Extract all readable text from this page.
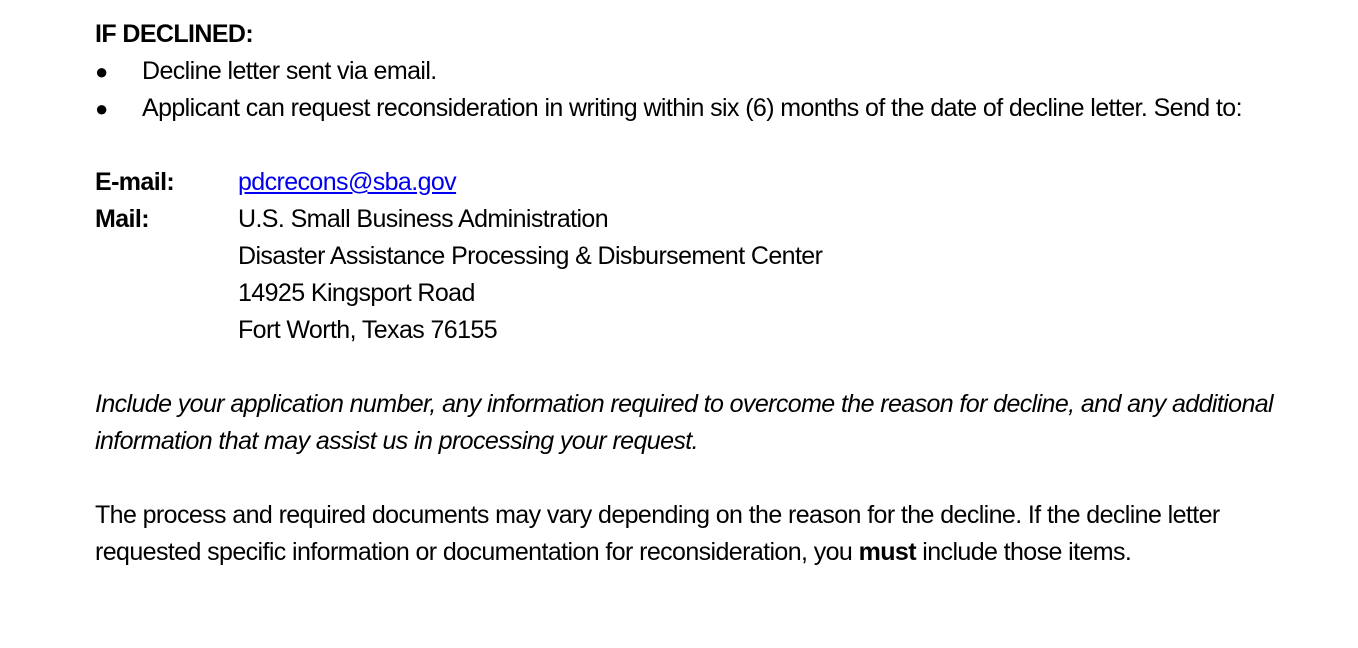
IF DECLINED:
● Decline letter sent via email.
● Applicant can request reconsideration in writing within six (6) months of the date of decline letter. Send to:
E-mail:	pdcrecons@sba.gov
Mail:	U.S. Small Business Administration
Disaster Assistance Processing & Disbursement Center
14925 Kingsport Road
Fort Worth, Texas 76155
Include your application number, any information required to overcome the reason for decline, and any additional information that may assist us in processing your request.
The process and required documents may vary depending on the reason for the decline. If the decline letter requested specific information or documentation for reconsideration, you must include those items.
